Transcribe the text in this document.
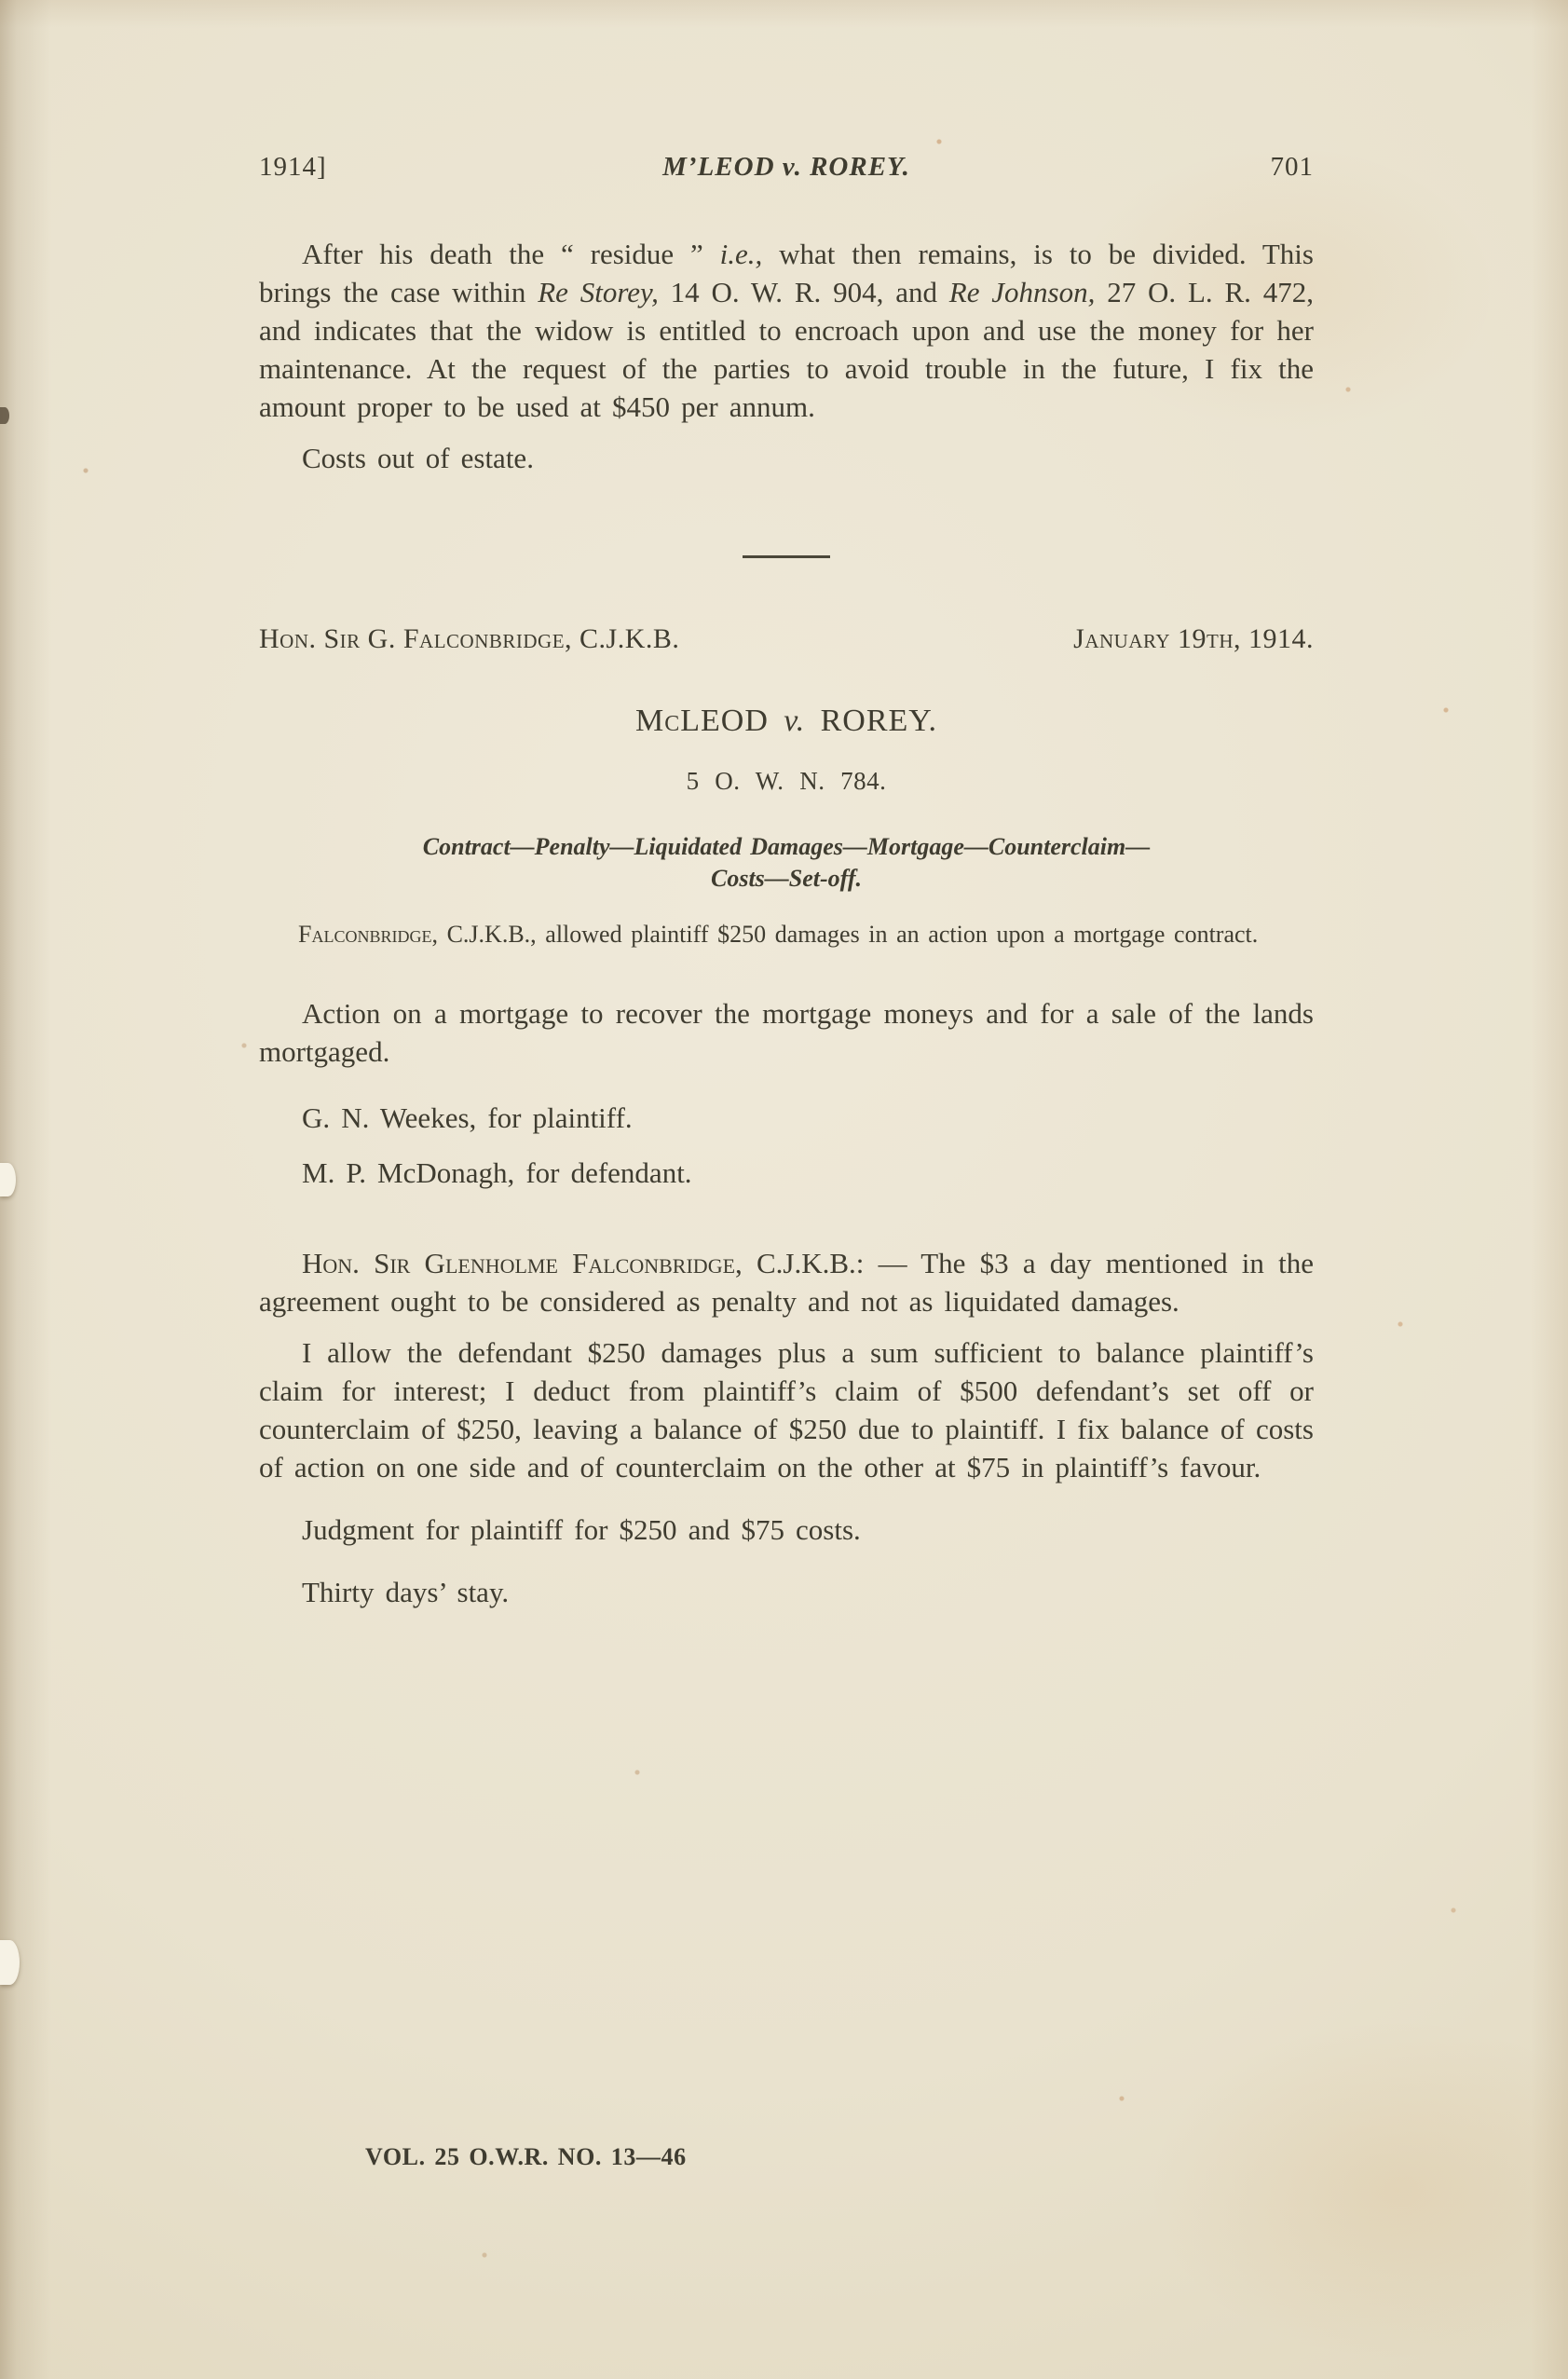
1914]	M’LEOD v. ROREY.	701

After his death the “ residue ” i.e., what then remains, is to be divided. This brings the case within Re Storey, 14 O. W. R. 904, and Re Johnson, 27 O. L. R. 472, and indicates that the widow is entitled to encroach upon and use the money for her maintenance. At the request of the parties to avoid trouble in the future, I fix the amount proper to be used at $450 per annum.

Costs out of estate.

Hon. Sir G. Falconbridge, C.J.K.B.	January 19th, 1914.
McLEOD v. ROREY.
5 O. W. N. 784.
Contract—Penalty—Liquidated Damages—Mortgage—Counterclaim—
Costs—Set-off.

Falconbridge, C.J.K.B., allowed plaintiff $250 damages in an action upon a mortgage contract.

Action on a mortgage to recover the mortgage moneys and for a sale of the lands mortgaged.

G. N. Weekes, for plaintiff.

M. P. McDonagh, for defendant.

Hon. Sir Glenholme Falconbridge, C.J.K.B.: — The $3 a day mentioned in the agreement ought to be considered as penalty and not as liquidated damages.

I allow the defendant $250 damages plus a sum sufficient to balance plaintiff’s claim for interest; I deduct from plaintiff’s claim of $500 defendant’s set off or counterclaim of $250, leaving a balance of $250 due to plaintiff. I fix balance of costs of action on one side and of counterclaim on the other at $75 in plaintiff’s favour.

Judgment for plaintiff for $250 and $75 costs.

Thirty days’ stay.

VOL. 25 O.W.R. NO. 13—46
